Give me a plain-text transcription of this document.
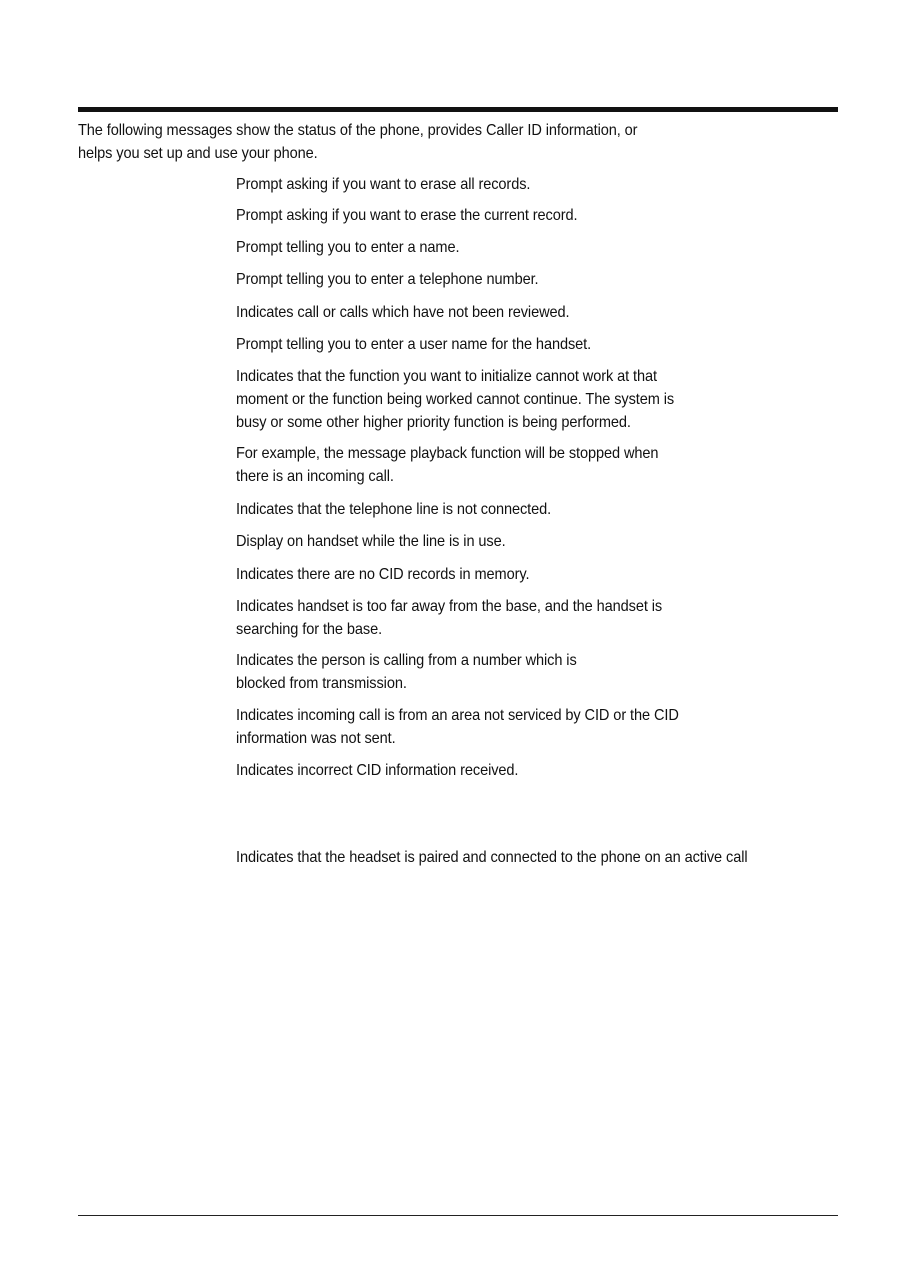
The following messages show the status of the phone, provides Caller ID information, or
helps you set up and use your phone.

Prompt asking if you want to erase all records.

Prompt asking if you want to erase the current record.

Prompt telling you to enter a name.

Prompt telling you to enter a telephone number.

Indicates call or calls which have not been reviewed.

Prompt telling you to enter a user name for the handset.

Indicates that the function you want to initialize cannot work at that
moment or the function being worked cannot continue. The system is
busy or some other higher priority function is being performed.

For example, the message playback function will be stopped when
there is an incoming call.

Indicates that the telephone line is not connected.

Display on handset while the line is in use.

Indicates there are no CID records in memory.

Indicates handset is too far away from the base, and the handset is
searching for the base.

Indicates the person is calling from a number which is
blocked from transmission.

Indicates incoming call is from an area not serviced by CID or the CID
information was not sent.

Indicates incorrect CID information received.

Indicates that the headset is paired and connected to the phone on an active call
